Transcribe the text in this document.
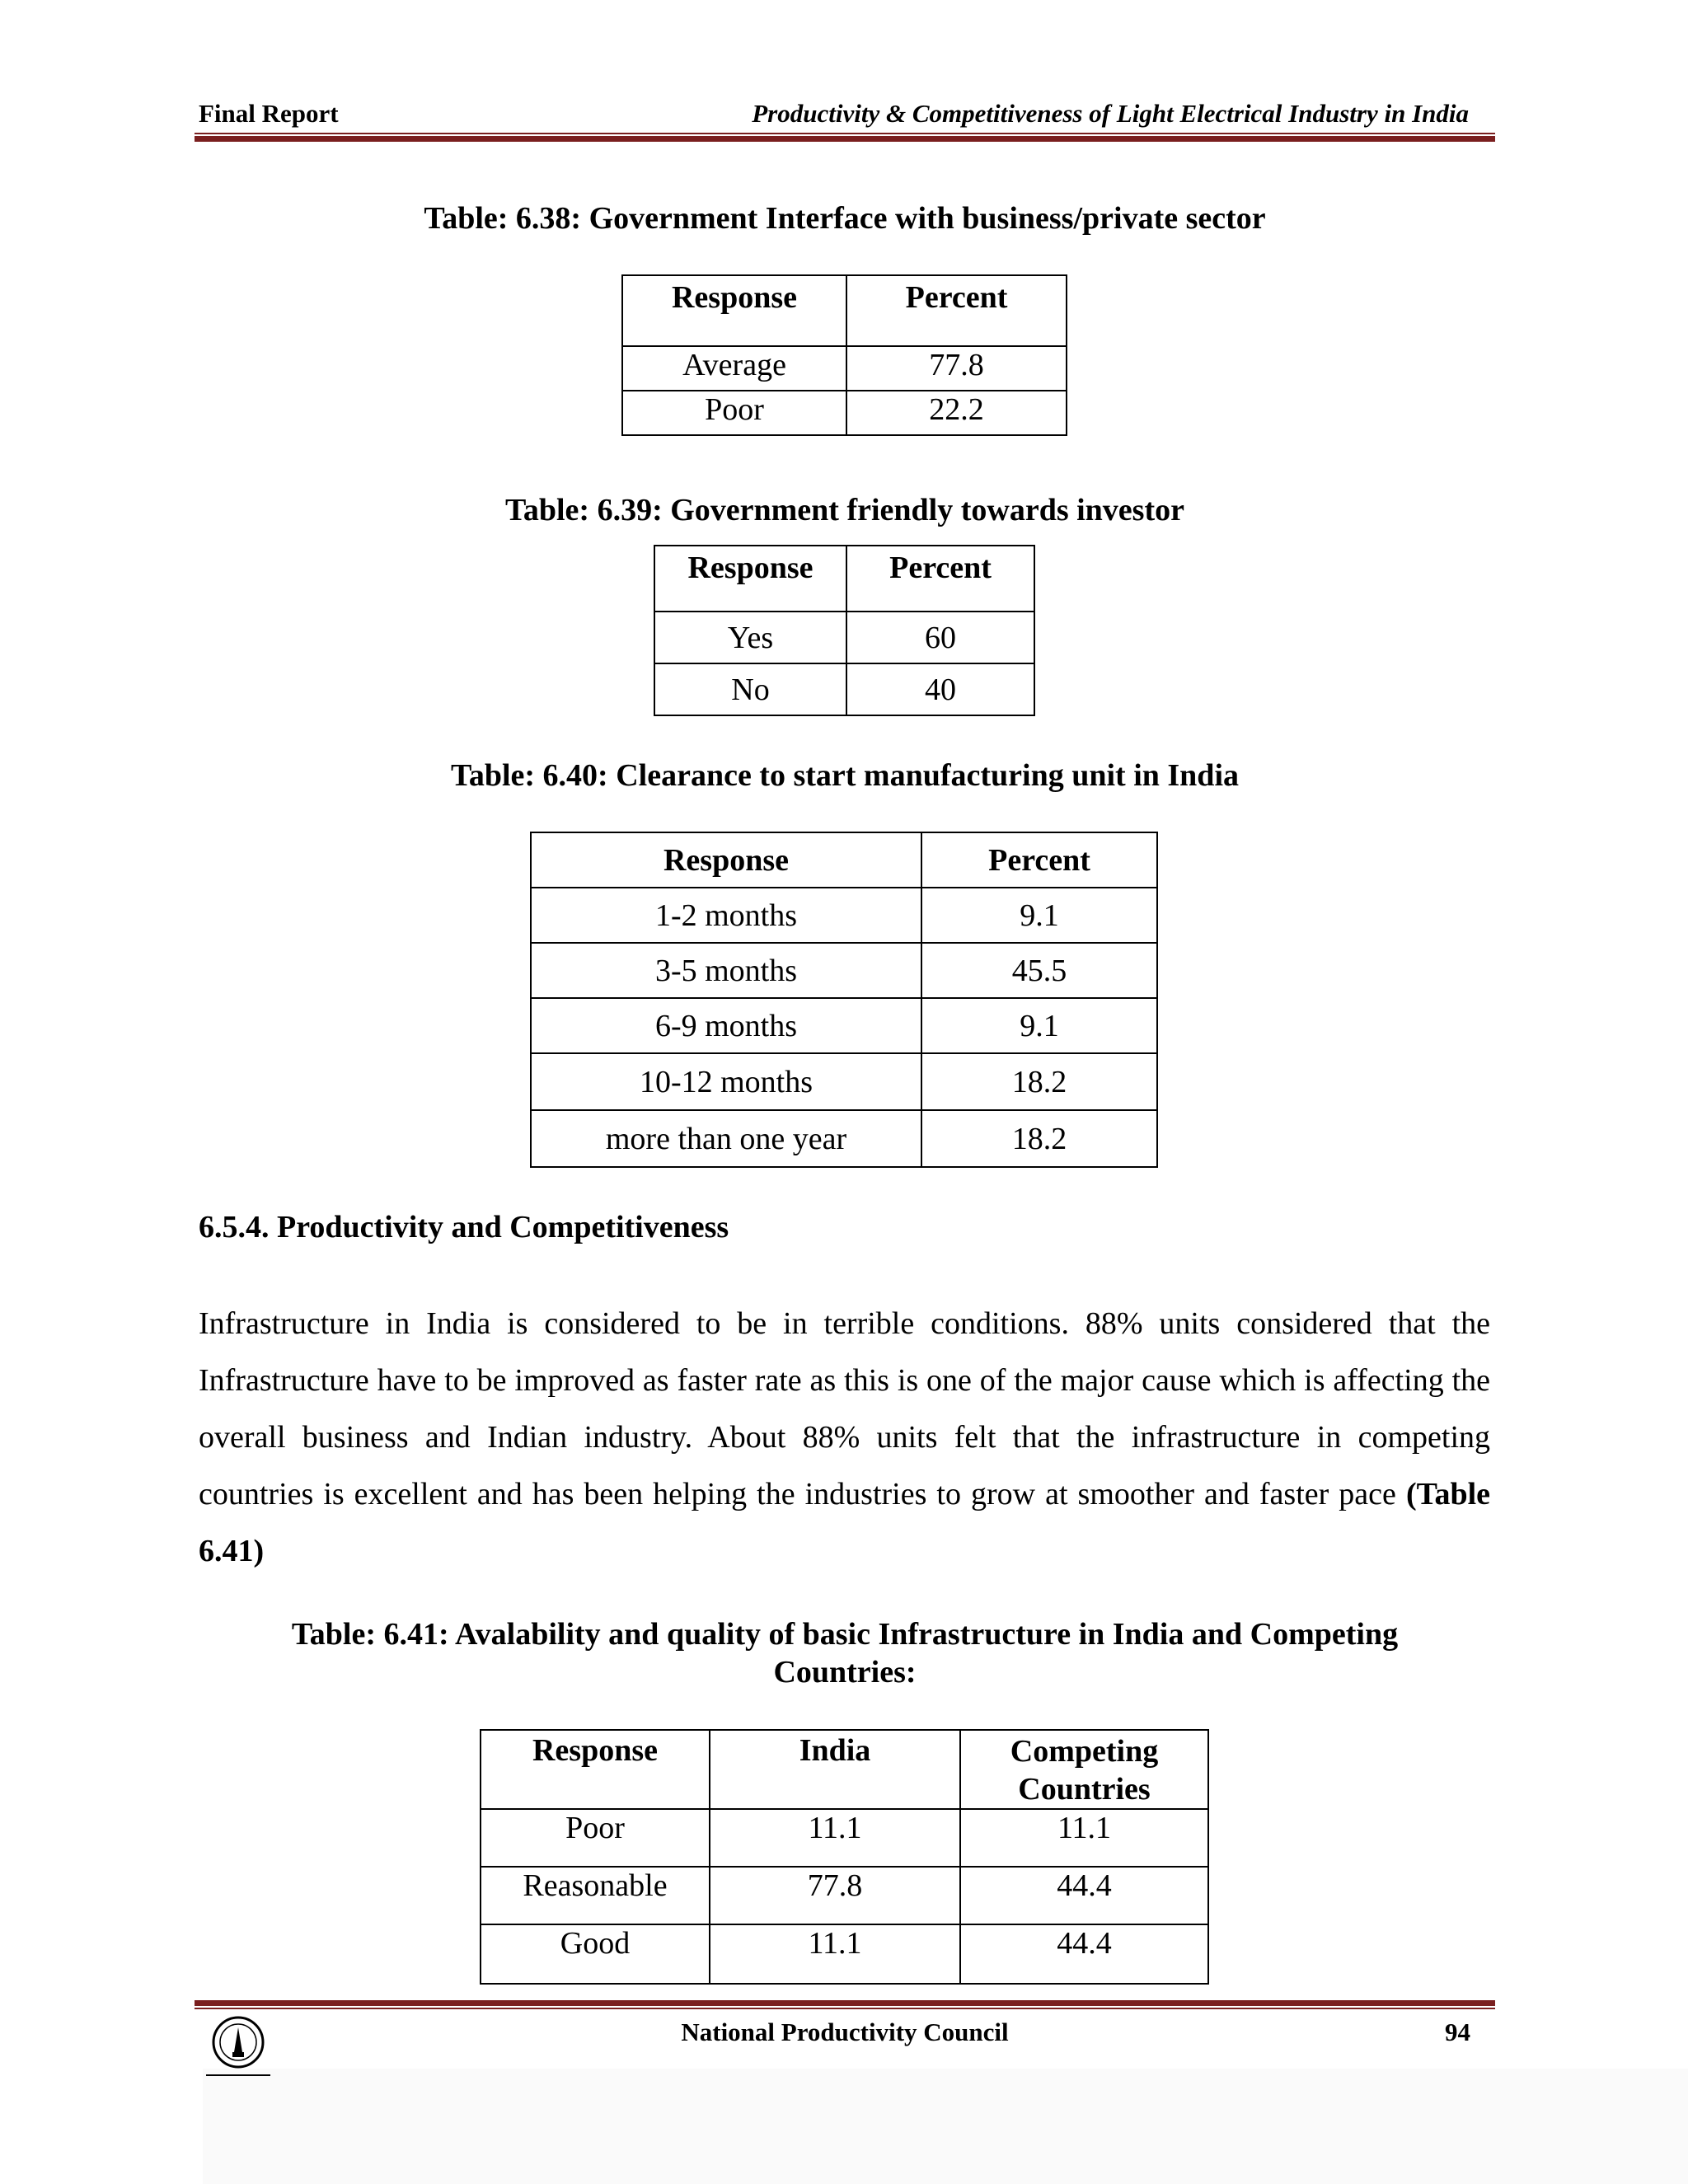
Final Report	Productivity & Competitiveness of Light Electrical Industry in India
Table: 6.38: Government Interface with business/private sector
Response	Percent
Average	77.8
Poor	22.2
Table: 6.39: Government friendly towards investor
Response	Percent
Yes	60
No	40
Table: 6.40: Clearance to start manufacturing unit in India
Response	Percent
1-2 months	9.1
3-5 months	45.5
6-9 months	9.1
10-12 months	18.2
more than one year	18.2
6.5.4. Productivity and Competitiveness

Infrastructure in India is considered to be in terrible conditions. 88% units considered that the Infrastructure have to be improved as faster rate as this is one of the major cause which is affecting the overall business and Indian industry. About 88% units felt that the infrastructure in competing countries is excellent and has been helping the industries to grow at smoother and faster pace (Table 6.41)

Table: 6.41: Avalability and quality of basic Infrastructure in India and Competing
Countries:
Response	India	Competing Countries
Poor	11.1	11.1
Reasonable	77.8	44.4
Good	11.1	44.4
National Productivity Council	94
